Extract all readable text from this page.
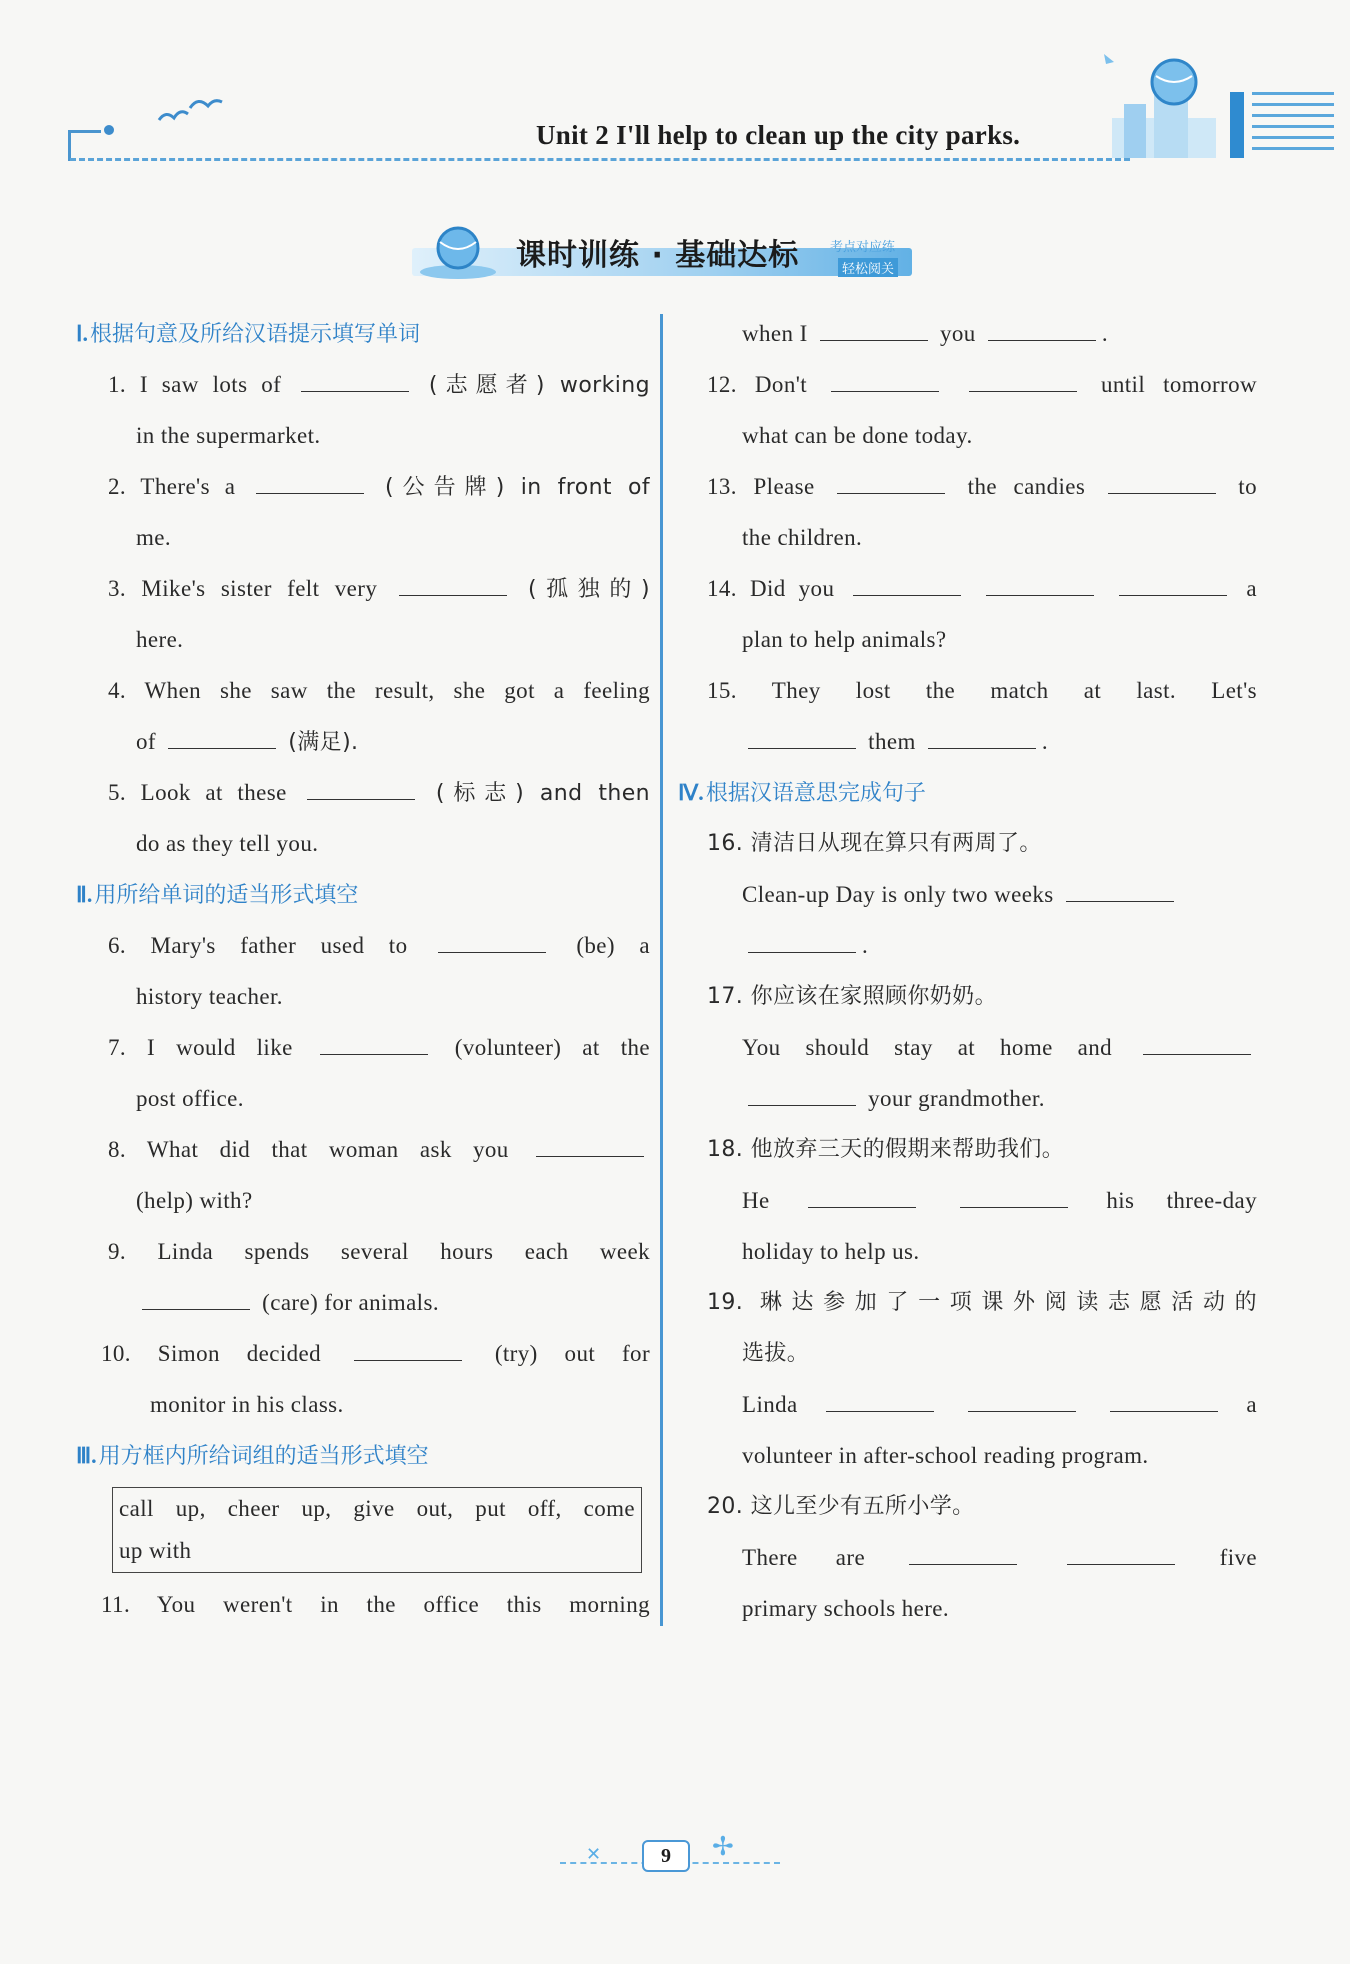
Unit 2 I'll help to clean up the city parks.
课时训练 · 基础达标 考点对应练
轻松阅关
Ⅰ.根据句意及所给汉语提示填写单词
1. I saw lots of	(志愿者) working
in the supermarket.
2. There's a	(公告牌) in front of
me.
3. Mike's sister felt very	(孤独的)
here.
4. When she saw the result, she got a feeling
of	(满足).
5. Look at these	(标志) and then
do as they tell you.
Ⅱ.用所给单词的适当形式填空
6. Mary's father used to	(be) a
history teacher.
7. I would like	(volunteer) at the
post office.
8. What did that woman ask you
(help) with?
9. Linda spends several hours each week
(care) for animals.
10. Simon decided	(try) out for
monitor in his class.
Ⅲ.用方框内所给词组的适当形式填空
call up, cheer up, give out, put off, come
up with
11. You weren't in the office this morning
when I	you	.
12. Don't	until tomorrow
what can be done today.
13. Please	the candies	to
the children.
14. Did you	a
plan to help animals?
15. They lost the match at last. Let's
them	.
Ⅳ.根据汉语意思完成句子
16. 清洁日从现在算只有两周了。
Clean-up Day is only two weeks
.
17. 你应该在家照顾你奶奶。
You should stay at home and
your grandmother.
18. 他放弃三天的假期来帮助我们。
He	his three-day
holiday to help us.
19. 琳达参加了一项课外阅读志愿活动的
选拔。
Linda	a
volunteer in after-school reading program.
20. 这儿至少有五所小学。
There are	five
primary schools here.
✕	9	✢
